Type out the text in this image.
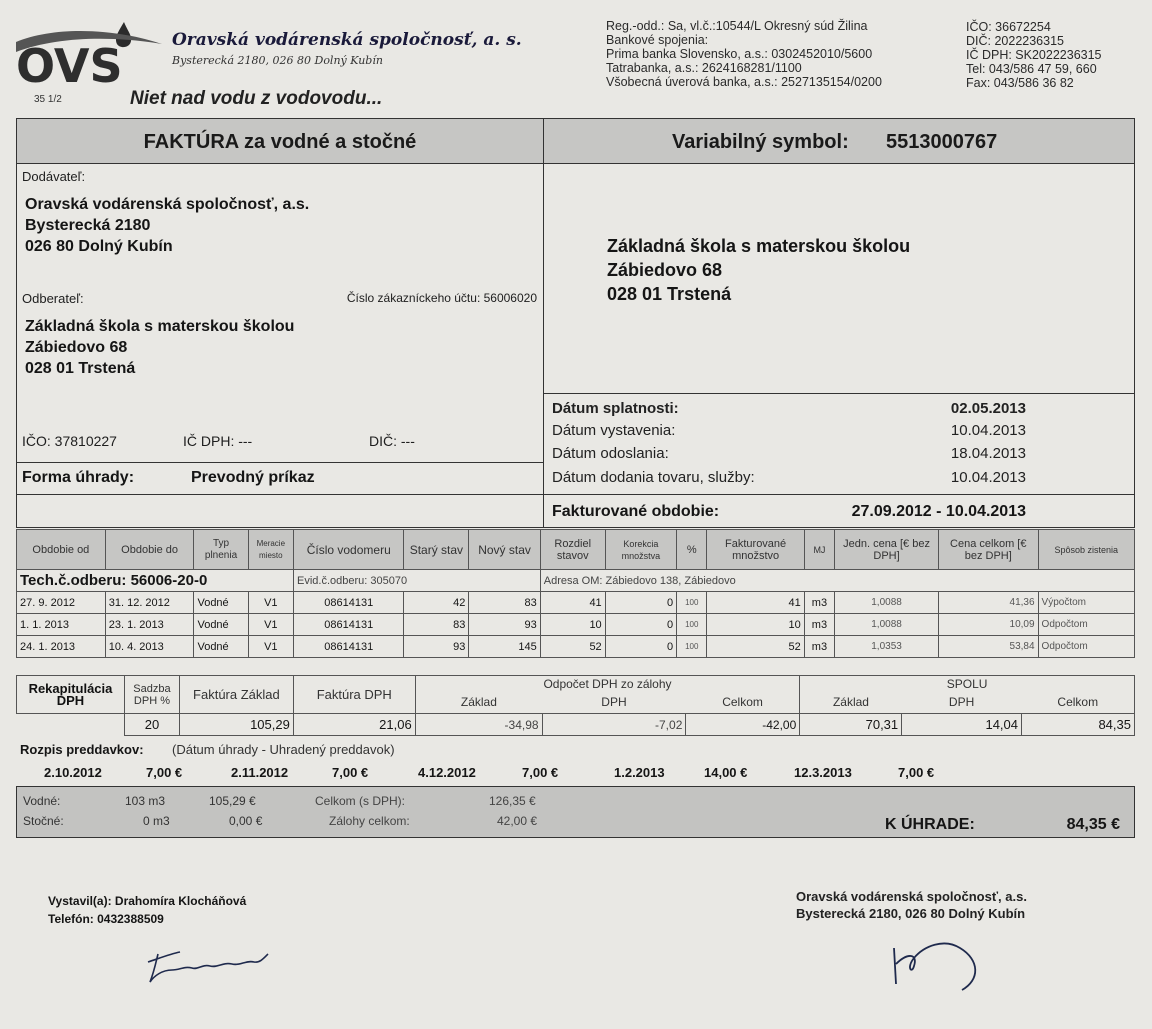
OVS	Oravská vodárenská spoločnosť, a. s.
Bysterecká 2180, 026 80 Dolný Kubín
35 1/2	Niet nad vodu z vodovodu...
Reg.-odd.: Sa, vl.č.:10544/L Okresný súd Žilina
Bankové spojenia:
Prima banka Slovensko, a.s.: 0302452010/5600
Tatrabanka, a.s.: 2624168281/1100
Všobecná úverová banka, a.s.: 2527135154/0200
IČO: 36672254
DIČ: 2022236315
IČ DPH: SK2022236315
Tel: 043/586 47 59, 660
Fax: 043/586 36 82
FAKTÚRA za vodné a stočné	Variabilný symbol: 5513000767
Dodávateľ:
Oravská vodárenská spoločnosť, a.s.
Bysterecká 2180
026 80 Dolný Kubín
Odberateľ:	Číslo zákazníckeho účtu: 56006020
Základná škola s materskou školou
Zábiedovo 68
028 01 Trstená
IČO: 37810227	IČ DPH: ---	DIČ: ---
Forma úhrady:	Prevodný príkaz
Základná škola s materskou školou
Zábiedovo 68
028 01 Trstená
Dátum splatnosti:	02.05.2013
Dátum vystavenia:	10.04.2013
Dátum odoslania:	18.04.2013
Dátum dodania tovaru, služby:	10.04.2013
Fakturované obdobie:	27.09.2012 - 10.04.2013
Obdobie od	Obdobie do	Typ plnenia	Meracie miesto	Číslo vodomeru	Starý stav	Nový stav	Rozdiel stavov	Korekcia množstva	%	Fakturované množstvo	MJ	Jedn. cena [€ bez DPH]	Cena celkom [€ bez DPH]	Spôsob zistenia
Tech.č.odberu: 56006-20-0				Evid.č.odberu: 305070			Adresa OM: Zábiedovo 138, Zábiedovo							
27. 9. 2012	31. 12. 2012	Vodné	V1	08614131	42	83	41	0	100	41	m3	1,0088	41,36	Výpočtom
1. 1. 2013	23. 1. 2013	Vodné	V1	08614131	83	93	10	0	100	10	m3	1,0088	10,09	Odpočtom
24. 1. 2013	10. 4. 2013	Vodné	V1	08614131	93	145	52	0	100	52	m3	1,0353	53,84	Odpočtom
Rekapitulácia DPH	Sadzba DPH %	Faktúra Základ	Faktúra DPH	Odpočet DPH zo zálohy			SPOLU		
				Základ	DPH	Celkom	Základ	DPH	Celkom
	20	105,29	21,06	-34,98	-7,02	-42,00	70,31	14,04	84,35
Rozpis preddavkov: (Dátum úhrady - Uhradený preddavok)
2.10.2012	7,00 €	2.11.2012	7,00 €	4.12.2012	7,00 €	1.2.2013	14,00 €	12.3.2013	7,00 €
Vodné:	103 m3	105,29 €
Stočné:	0 m3	0,00 €
Celkom (s DPH):	126,35 €
Zálohy celkom:	42,00 €	K ÚHRADE:	84,35 €
Vystavil(a): Drahomíra Klocháňová
Telefón: 0432388509
Oravská vodárenská spoločnosť, a.s.
Bysterecká 2180, 026 80 Dolný Kubín
